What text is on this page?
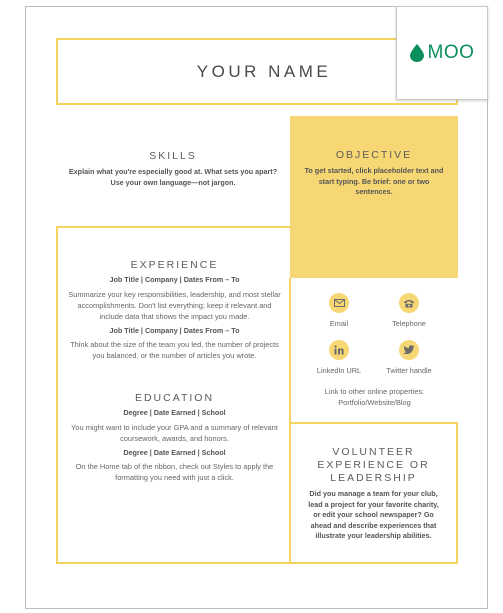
YOUR NAME
MOO
SKILLS
Explain what you're especially good at. What sets you apart? Use your own language—not jargon.
OBJECTIVE
To get started, click placeholder text and start typing. Be brief: one or two sentences.
EXPERIENCE
Job Title | Company | Dates From – To
Summarize your key responsibilities, leadership, and most stellar accomplishments. Don't list everything; keep it relevant and include data that shows the impact you made.
Job Title | Company | Dates From – To
Think about the size of the team you led, the number of projects you balanced, or the number of articles you wrote.
EDUCATION
Degree | Date Earned | School
You might want to include your GPA and a summary of relevant coursework, awards, and honors.
Degree | Date Earned | School
On the Home tab of the ribbon, check out Styles to apply the formatting you need with just a click.
Email	Telephone
LinkedIn URL	Twitter handle
Link to other online properties: Portfolio/Website/Blog
VOLUNTEER
EXPERIENCE OR
LEADERSHIP
Did you manage a team for your club, lead a project for your favorite charity, or edit your school newspaper? Go ahead and describe experiences that illustrate your leadership abilities.
